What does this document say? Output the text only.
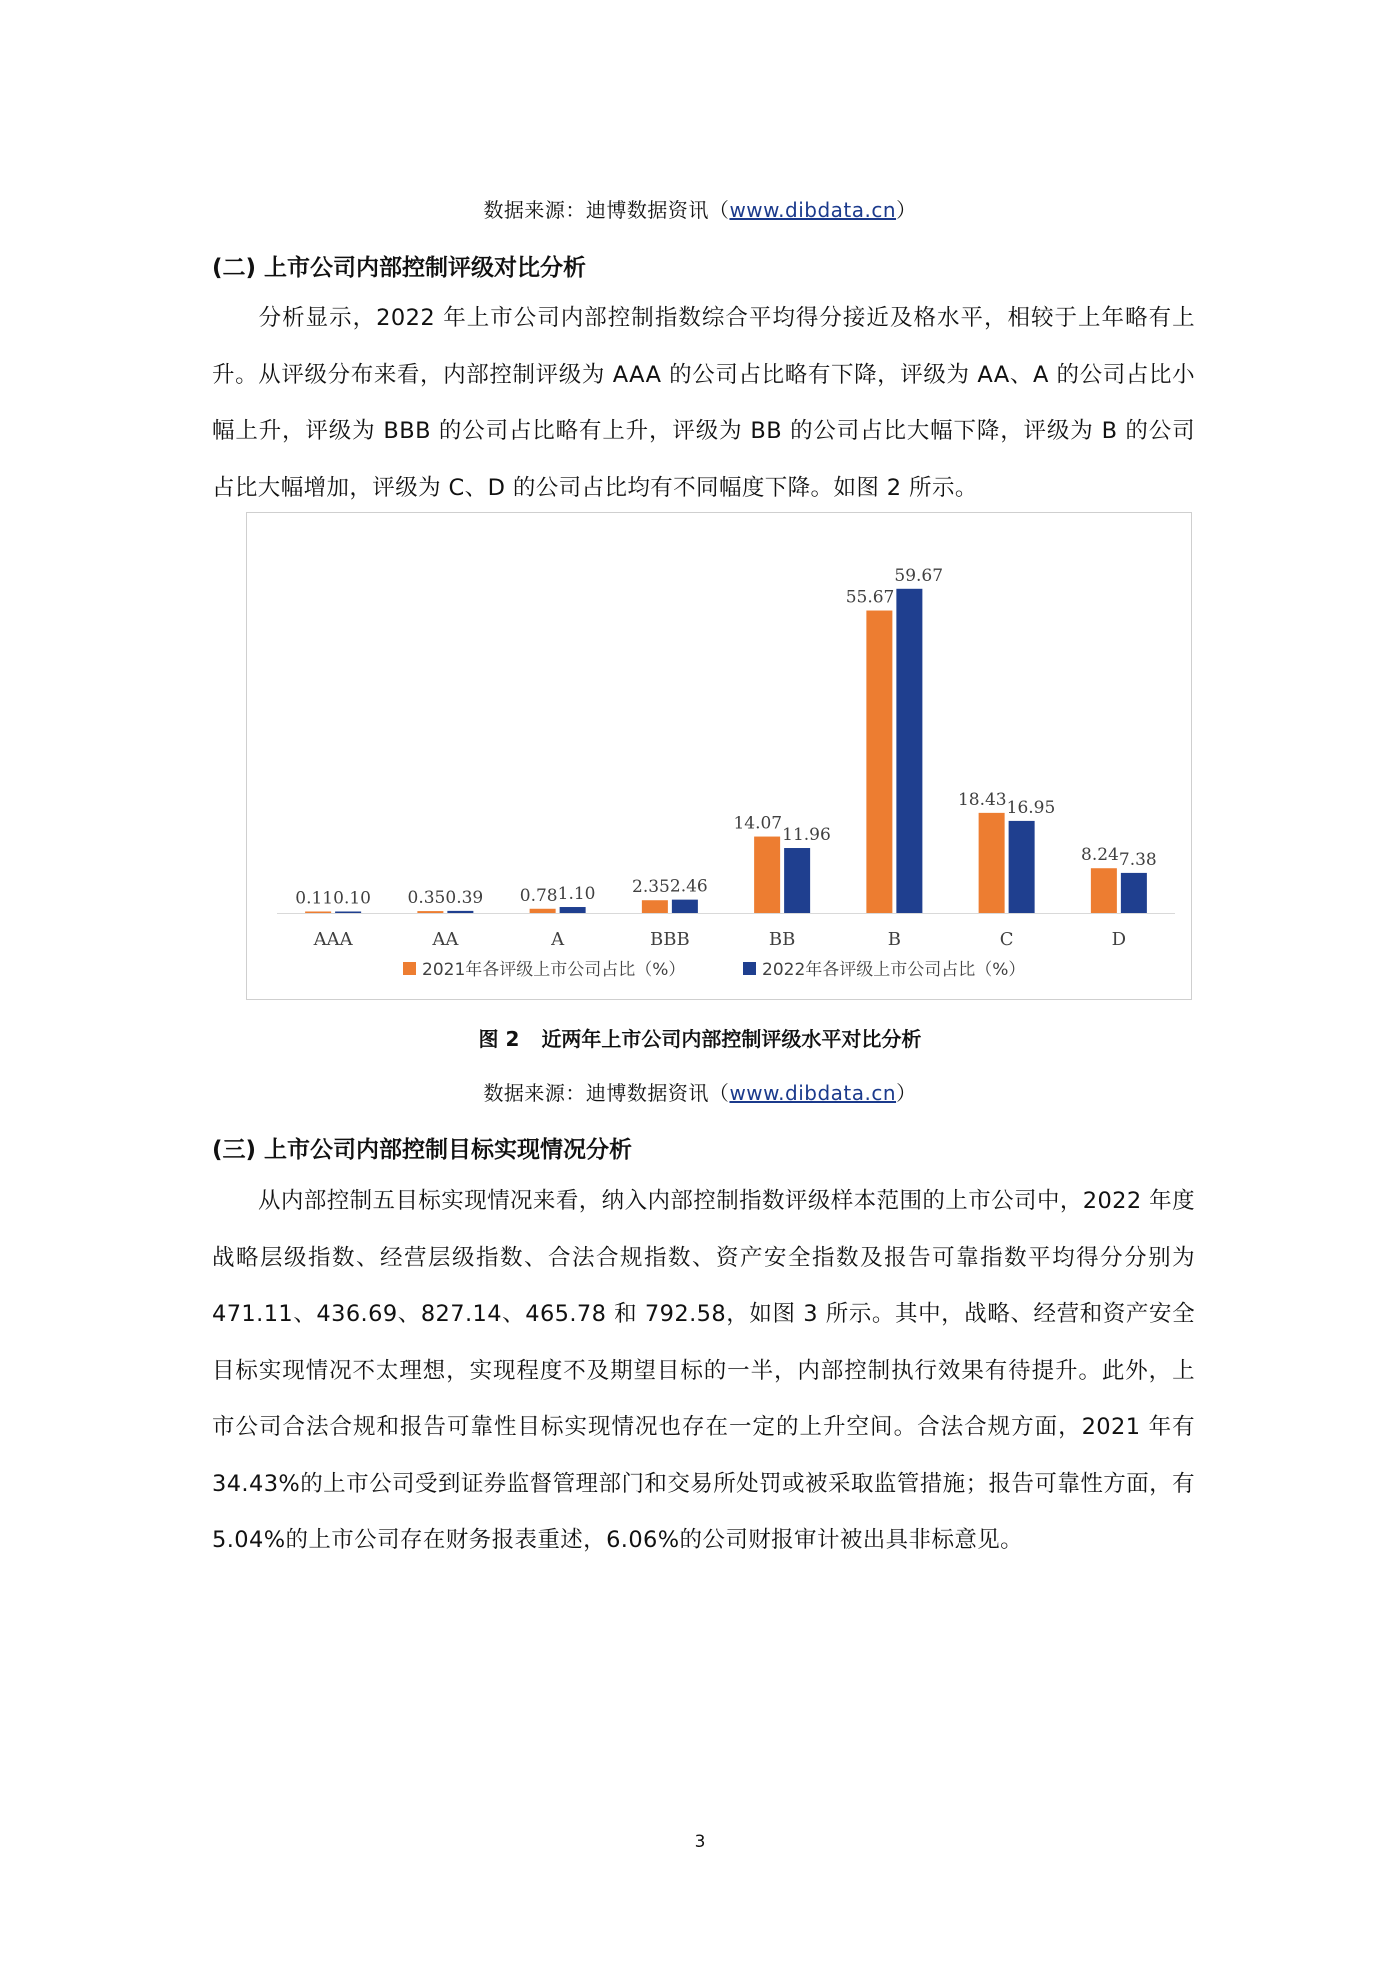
数据来源：迪博数据资讯（www.dibdata.cn）
(二) 上市公司内部控制评级对比分析

分析显示，2022 年上市公司内部控制指数综合平均得分接近及格水平，相较于上年略有上升。从评级分布来看，内部控制评级为 AAA 的公司占比略有下降，评级为 AA、A 的公司占比小幅上升，评级为 BBB 的公司占比略有上升，评级为 BB 的公司占比大幅下降，评级为 B 的公司占比大幅增加，评级为 C、D 的公司占比均有不同幅度下降。如图 2 所示。

0.11 0.10
AAA
0.35 0.39
AA
0.78 1.10
A
2.35 2.46
BBB
14.07
11.96
BB
55.67
59.67
B
18.43 16.95
C
8.24 7.38
D
2021年各评级上市公司占比（%）	2022年各评级上市公司占比（%）
图 2 近两年上市公司内部控制评级水平对比分析
数据来源：迪博数据资讯（www.dibdata.cn）
(三) 上市公司内部控制目标实现情况分析

从内部控制五目标实现情况来看，纳入内部控制指数评级样本范围的上市公司中，2022 年度战略层级指数、经营层级指数、合法合规指数、资产安全指数及报告可靠指数平均得分分别为 471.11、436.69、827.14、465.78 和 792.58，如图 3 所示。其中，战略、经营和资产安全目标实现情况不太理想，实现程度不及期望目标的一半，内部控制执行效果有待提升。此外，上市公司合法合规和报告可靠性目标实现情况也存在一定的上升空间。合法合规方面，2021 年有 34.43%的上市公司受到证券监督管理部门和交易所处罚或被采取监管措施；报告可靠性方面，有 5.04%的上市公司存在财务报表重述，6.06%的公司财报审计被出具非标意见。

3
